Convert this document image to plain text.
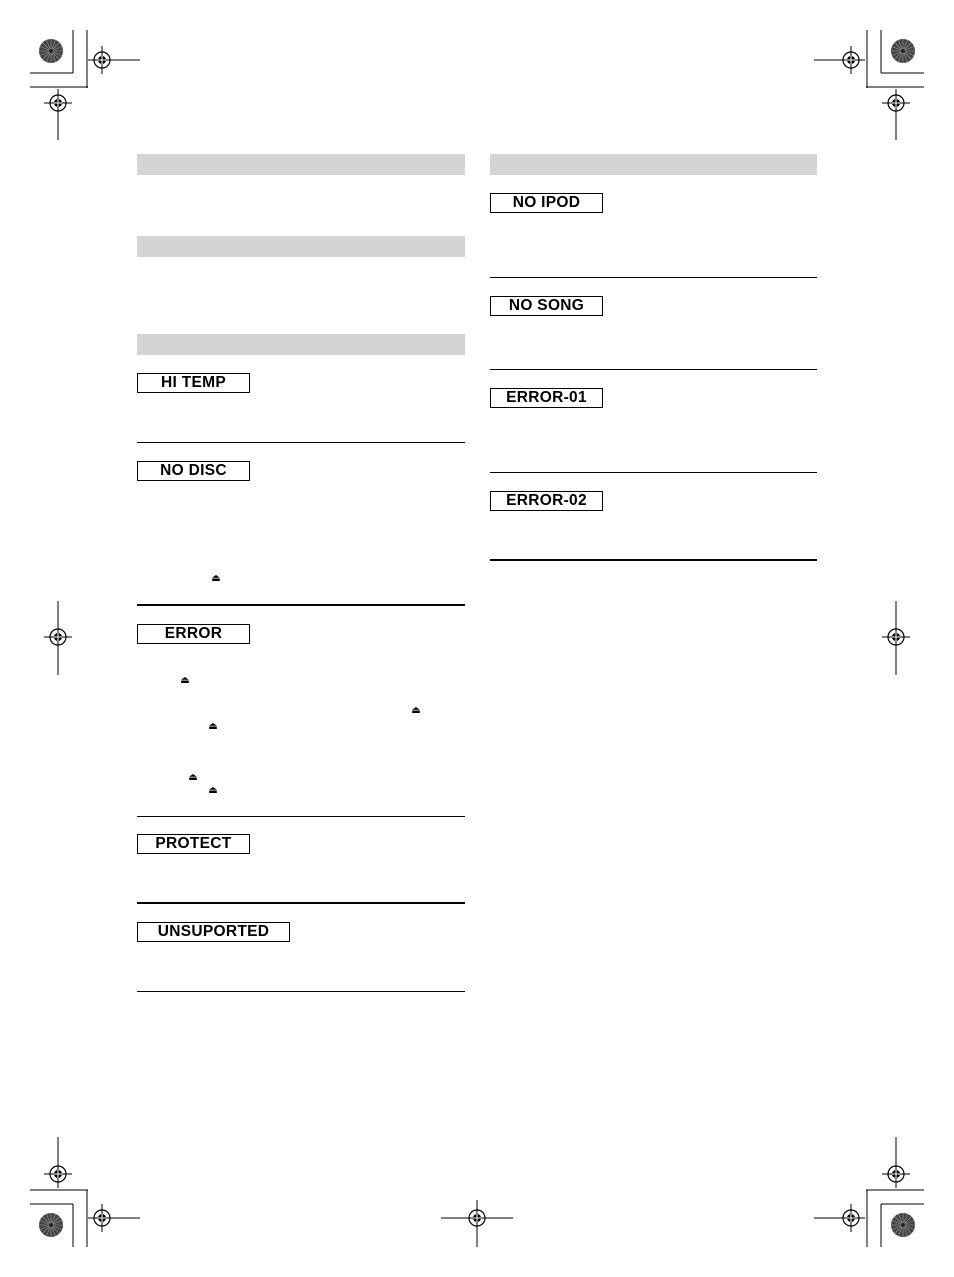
HI TEMP
NO DISC
⏏
ERROR
⏏
⏏
⏏
⏏
⏏
PROTECT
UNSUPORTED
NO IPOD
NO SONG
ERROR-01
ERROR-02
